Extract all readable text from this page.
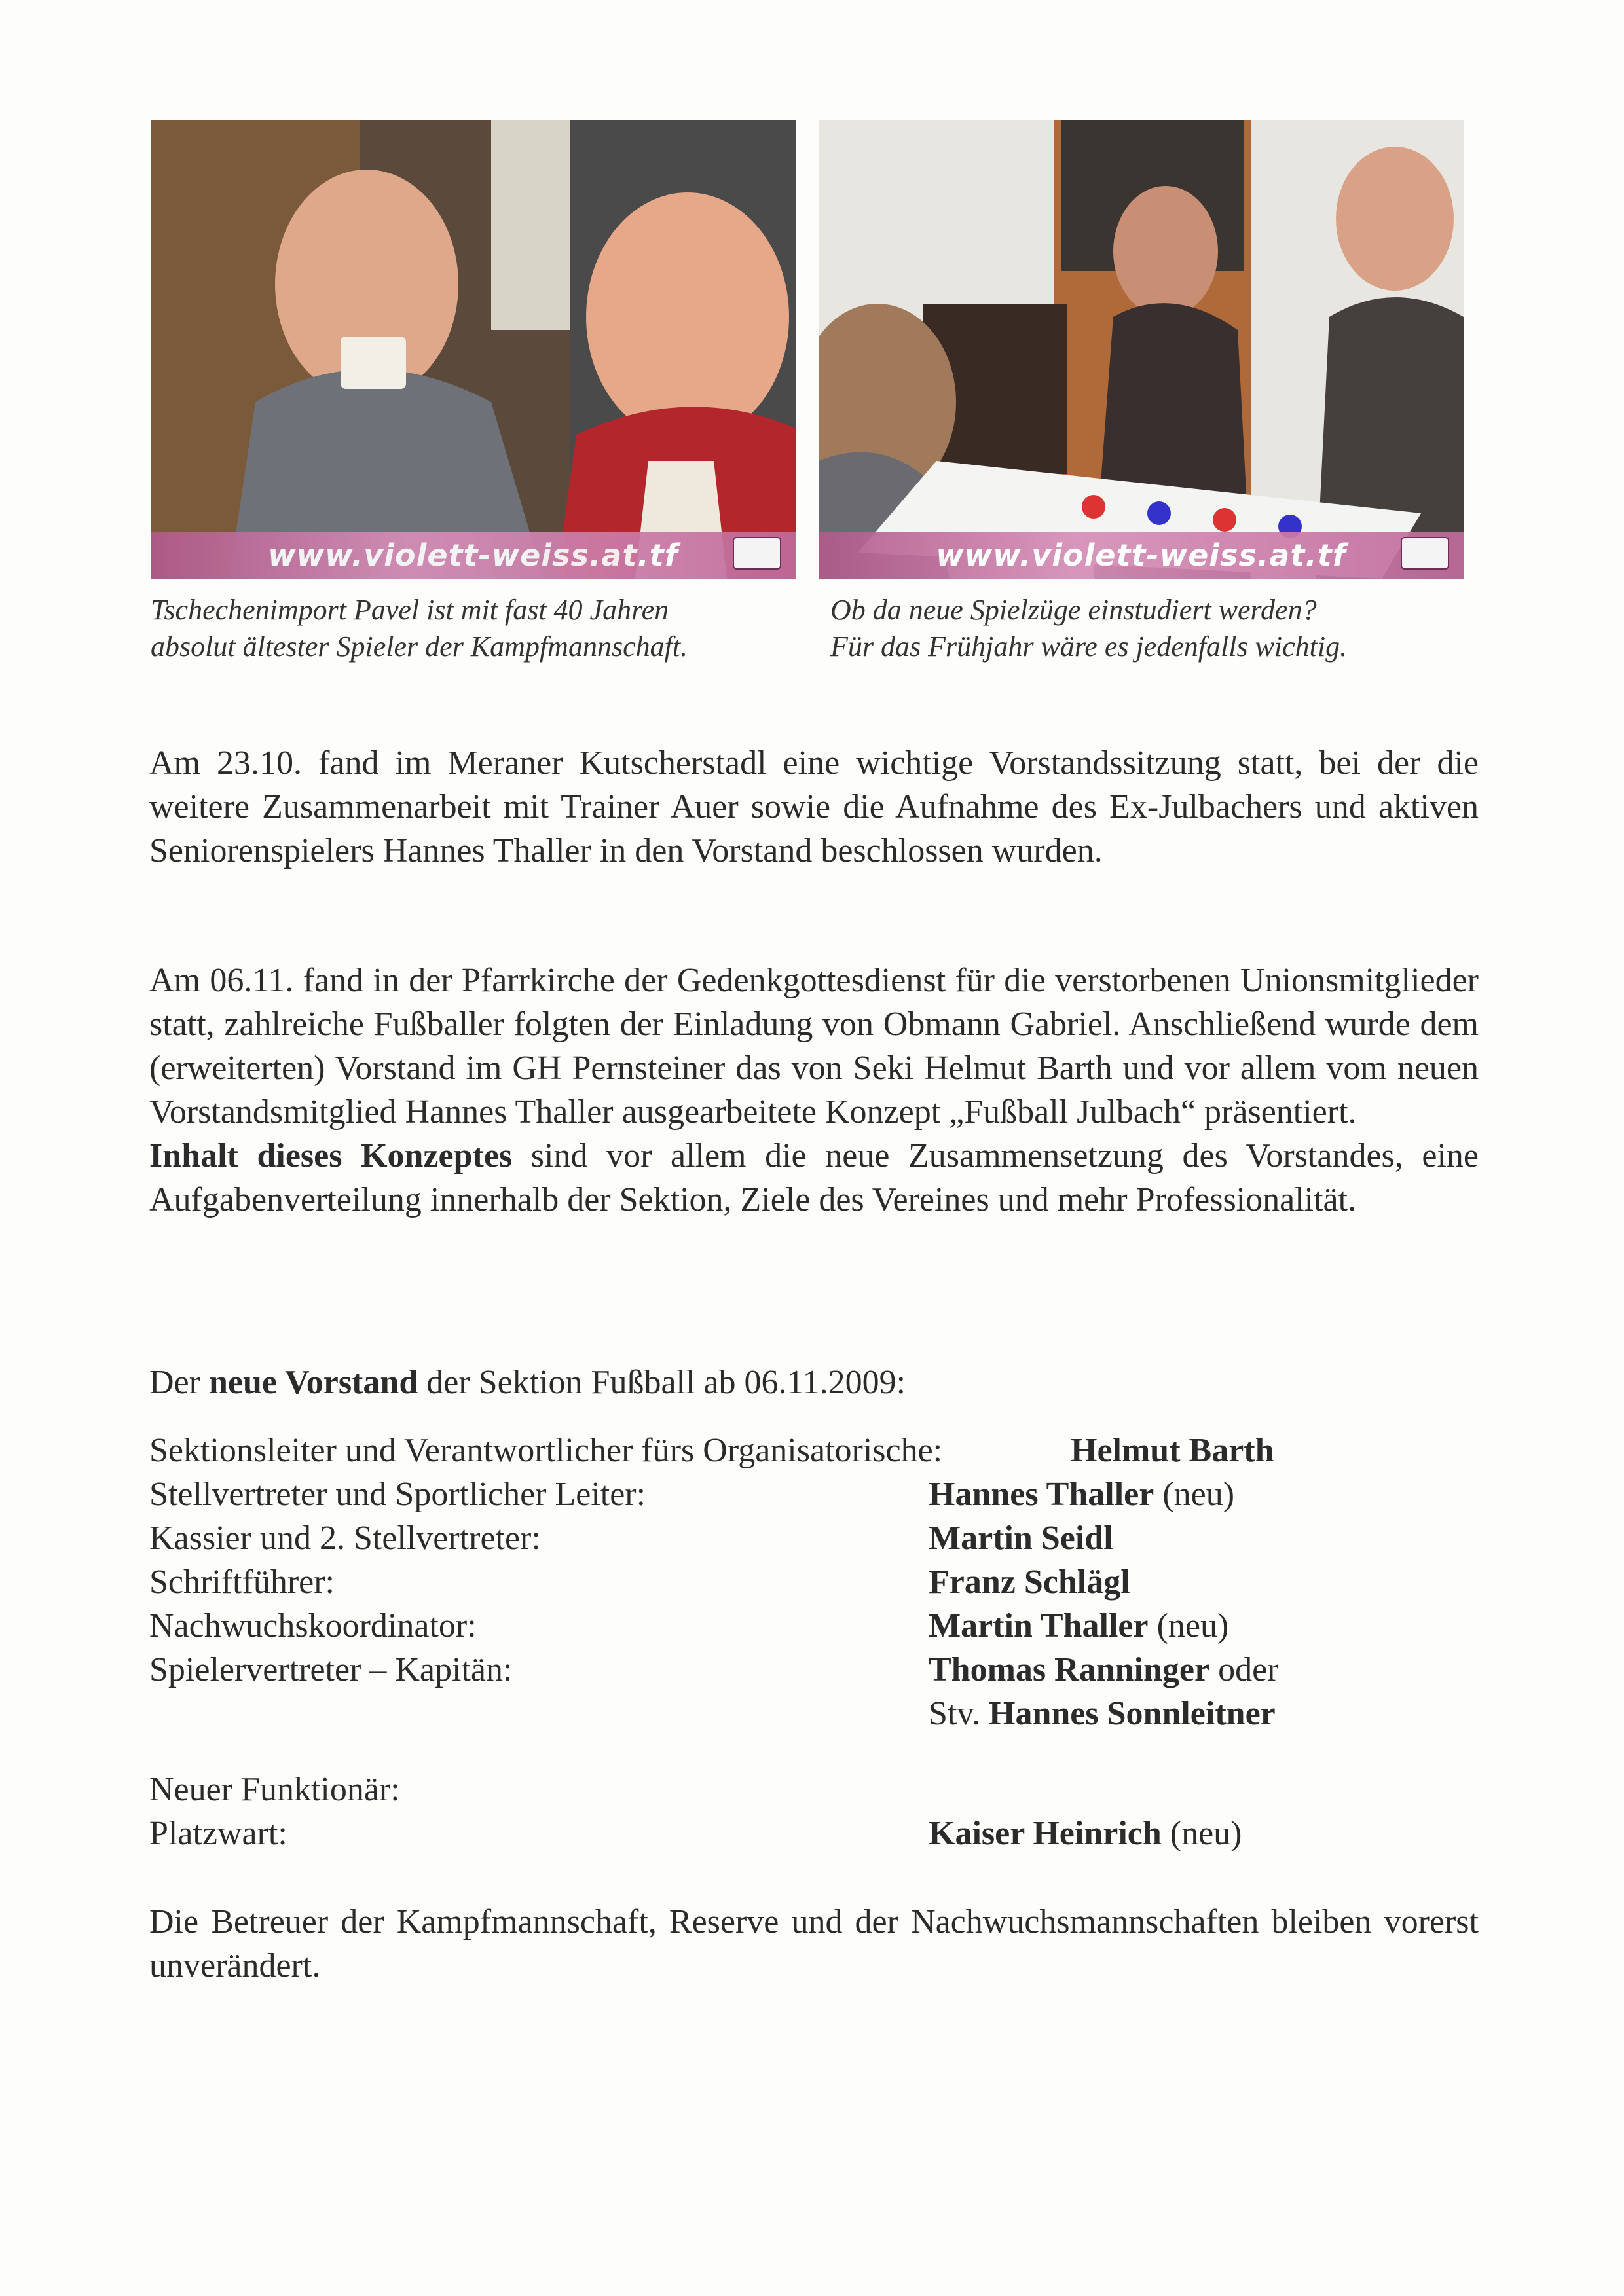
www.violett-weiss.at.tf	www.violett-weiss.at.tf
Tschechenimport Pavel ist mit fast 40 Jahren
absolut ältester Spieler der Kampfmannschaft.
Ob da neue Spielzüge einstudiert werden?
Für das Frühjahr wäre es jedenfalls wichtig.

Am 23.10. fand im Meraner Kutscherstadl eine wichtige Vorstandssitzung statt, bei der die weitere Zusammenarbeit mit Trainer Auer sowie die Aufnahme des Ex-Julbachers und aktiven Seniorenspielers Hannes Thaller in den Vorstand beschlossen wurden.

Am 06.11. fand in der Pfarrkirche der Gedenkgottesdienst für die verstorbenen Unionsmitglieder statt, zahlreiche Fußballer folgten der Einladung von Obmann Gabriel. Anschließend wurde dem (erweiterten) Vorstand im GH Pernsteiner das von Seki Helmut Barth und vor allem vom neuen Vorstandsmitglied Hannes Thaller ausgearbeitete Konzept „Fußball Julbach“ präsentiert.

Inhalt dieses Konzeptes sind vor allem die neue Zusammensetzung des Vorstandes, eine Aufgabenverteilung innerhalb der Sektion, Ziele des Vereines und mehr Professionalität.

Der neue Vorstand der Sektion Fußball ab 06.11.2009:
Sektionsleiter und Verantwortlicher fürs Organisatorische:	Helmut Barth
Stellvertreter und Sportlicher Leiter:	Hannes Thaller (neu)
Kassier und 2. Stellvertreter:	Martin Seidl
Schriftführer:	Franz Schlägl
Nachwuchskoordinator:	Martin Thaller (neu)
Spielervertreter – Kapitän:	Thomas Ranninger oder
Stv. Hannes Sonnleitner
Neuer Funktionär:
Platzwart:	Kaiser Heinrich (neu)

Die Betreuer der Kampfmannschaft, Reserve und der Nachwuchsmannschaften bleiben vorerst unverändert.
